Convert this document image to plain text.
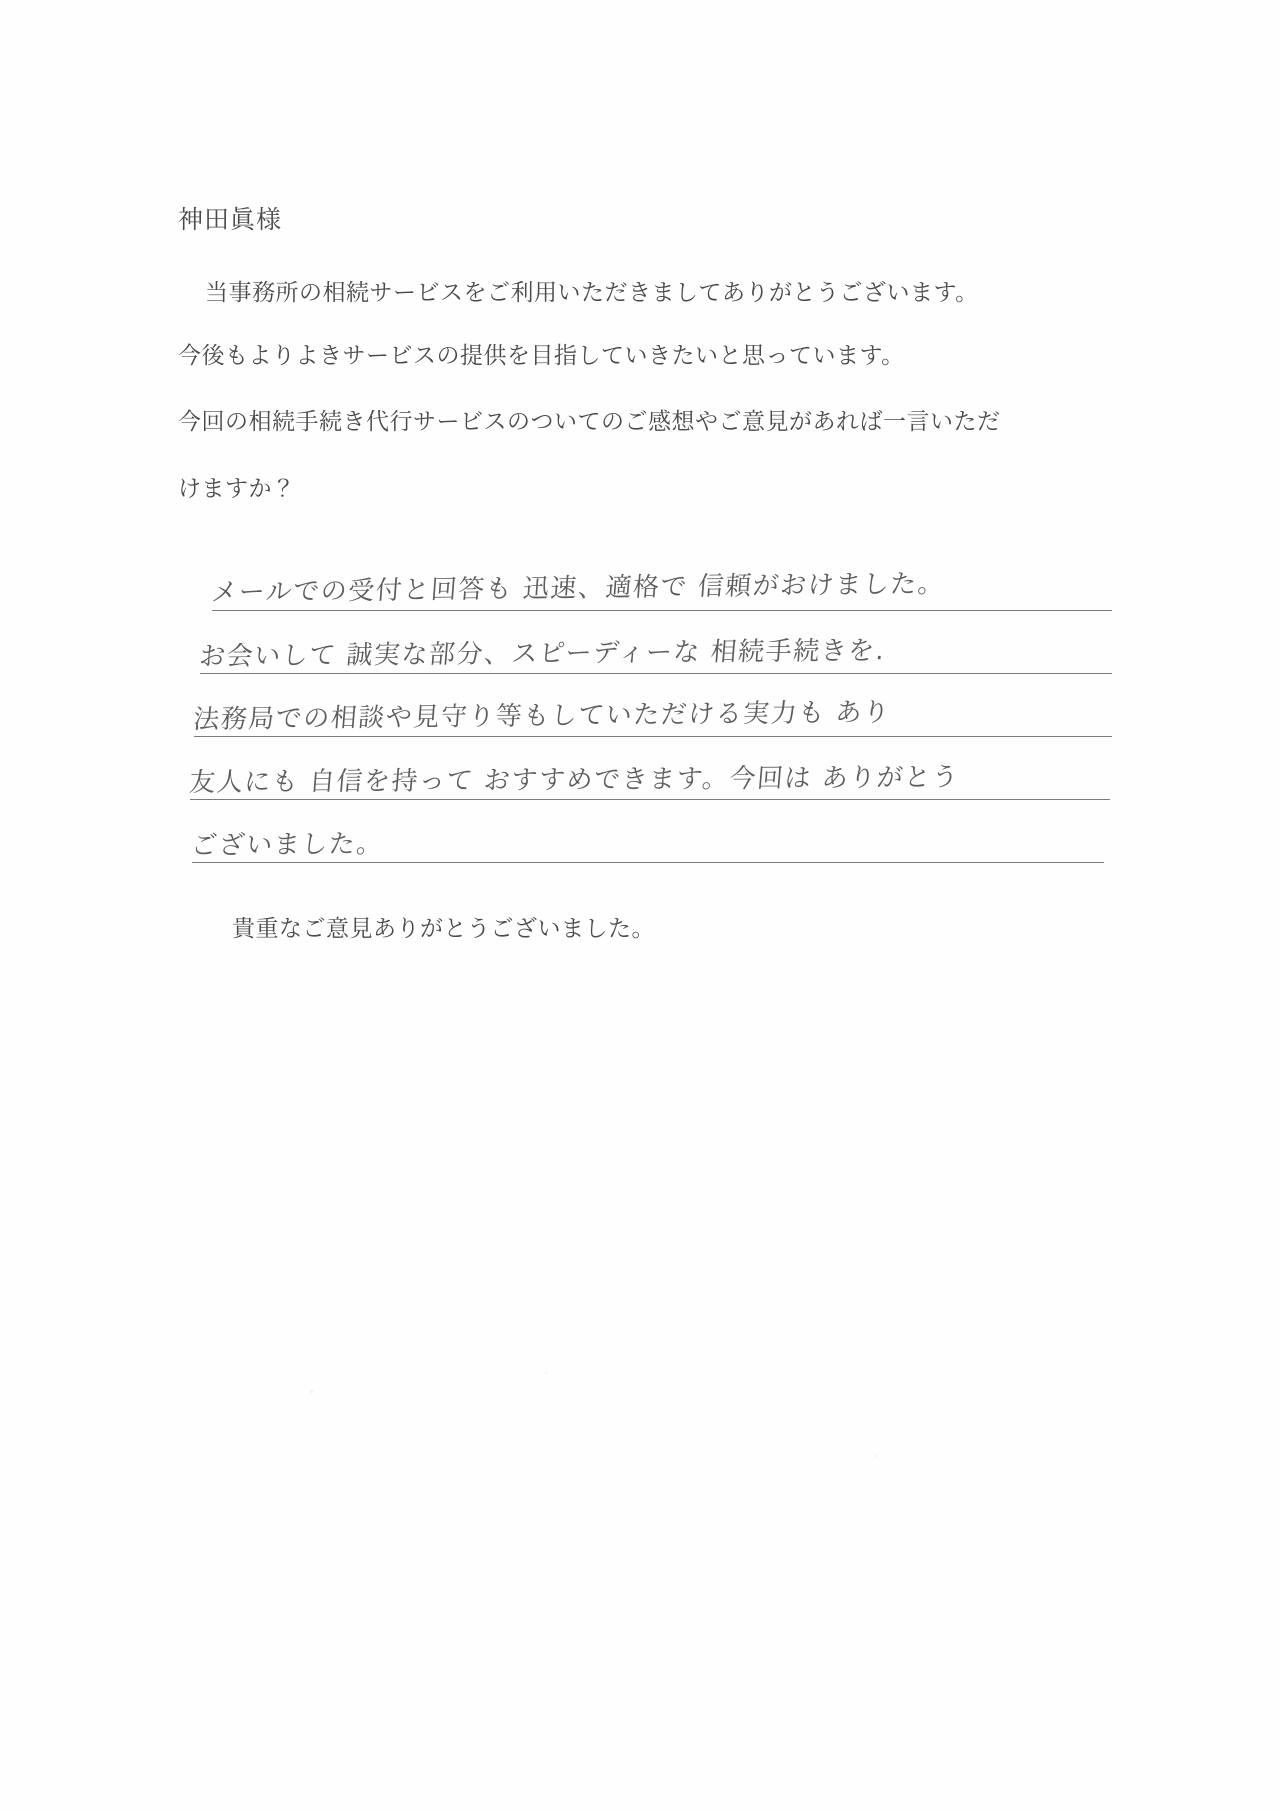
神田眞様
当事務所の相続サービスをご利用いただきましてありがとうございます。
今後もよりよきサービスの提供を目指していきたいと思っています。
今回の相続手続き代行サービスのついてのご感想やご意見があれば一言いただ
けますか？
メールでの受付と回答も 迅速、適格で 信頼がおけました。
お会いして 誠実な部分、スピーディーな 相続手続きを.
法務局での相談や見守り等もしていただける実力も あり
友人にも 自信を持って おすすめできます。今回は ありがとう
ございました。
貴重なご意見ありがとうございました。
